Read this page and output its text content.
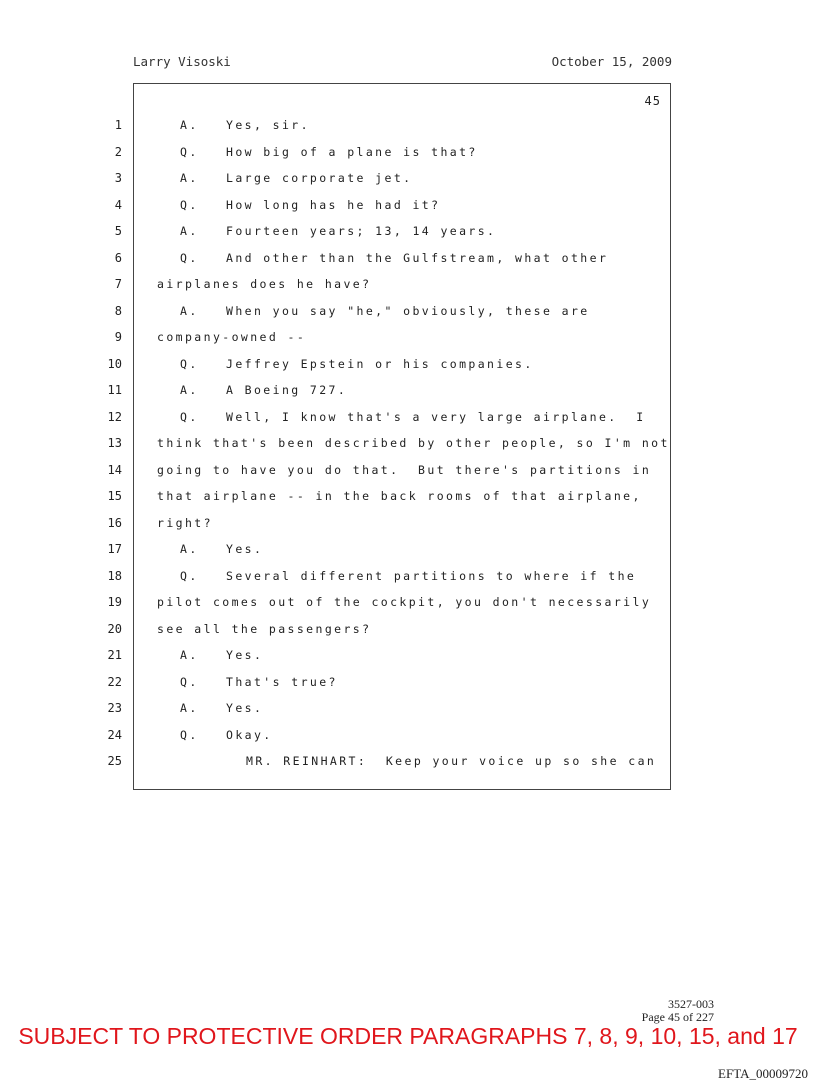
Larry Visoski	October 15, 2009
45
1	A. Yes, sir.
2	Q. How big of a plane is that?
3	A. Large corporate jet.
4	Q. How long has he had it?
5	A. Fourteen years; 13, 14 years.
6	Q. And other than the Gulfstream, what other
7	airplanes does he have?
8	A. When you say "he," obviously, these are
9	company-owned --
10	Q. Jeffrey Epstein or his companies.
11	A. A Boeing 727.
12	Q. Well, I know that's a very large airplane.  I
13	think that's been described by other people, so I'm not
14	going to have you do that.  But there's partitions in
15	that airplane -- in the back rooms of that airplane,
16	right?
17	A. Yes.
18	Q. Several different partitions to where if the
19	pilot comes out of the cockpit, you don't necessarily
20	see all the passengers?
21	A. Yes.
22	Q. That's true?
23	A. Yes.
24	Q. Okay.
25	MR. REINHART:  Keep your voice up so she can
3527-003
Page 45 of 227
SUBJECT TO PROTECTIVE ORDER PARAGRAPHS 7, 8, 9, 10, 15, and 17
EFTA_00009720
